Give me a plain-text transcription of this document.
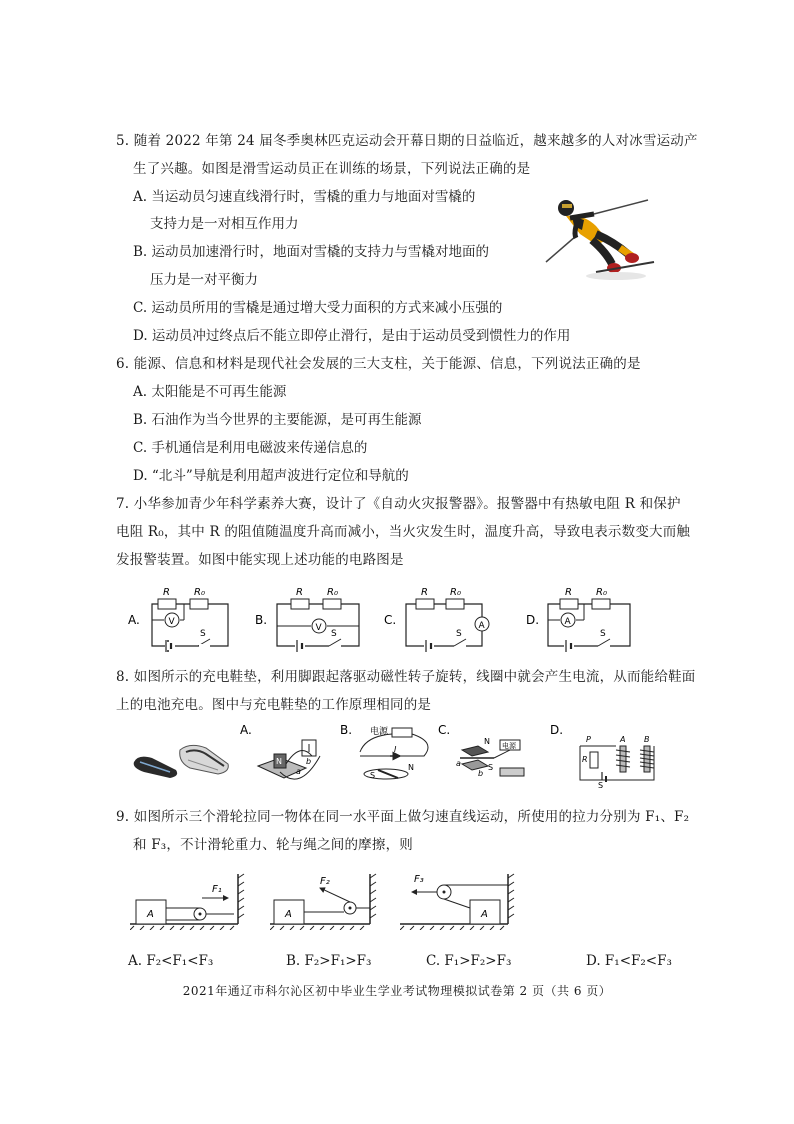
5. 随着 2022 年第 24 届冬季奥林匹克运动会开幕日期的日益临近，越来越多的人对冰雪运动产
生了兴趣。如图是滑雪运动员正在训练的场景，下列说法正确的是
A. 当运动员匀速直线滑行时，雪橇的重力与地面对雪橇的
支持力是一对相互作用力
B. 运动员加速滑行时，地面对雪橇的支持力与雪橇对地面的
压力是一对平衡力
C. 运动员所用的雪橇是通过增大受力面积的方式来减小压强的
D. 运动员冲过终点后不能立即停止滑行，是由于运动员受到惯性力的作用
6. 能源、信息和材料是现代社会发展的三大支柱，关于能源、信息，下列说法正确的是
A. 太阳能是不可再生能源
B. 石油作为当今世界的主要能源，是可再生能源
C. 手机通信是利用电磁波来传递信息的
D. “北斗”导航是利用超声波进行定位和导航的
7. 小华参加青少年科学素养大赛，设计了《自动火灾报警器》。报警器中有热敏电阻 R 和保护
电阻 R₀，其中 R 的阻值随温度升高而减小，当火灾发生时，温度升高，导致电表示数变大而触
发报警装置。如图中能实现上述功能的电路图是
A.
R R₀
V
S
B.
R R₀
V
S
C.
R R₀
A
S
D.
R R₀
A
S
8. 如图所示的充电鞋垫，利用脚跟起落驱动磁性转子旋转，线圈中就会产生电流，从而能给鞋面
上的电池充电。图中与充电鞋垫的工作原理相同的是
A.
N
a
b
B. 电源
I
S
N
C.
电源
N
S
a
b
D.
P
R
A B
S
9. 如图所示三个滑轮拉同一物体在同一水平面上做匀速直线运动，所使用的拉力分别为 F₁、F₂
和 F₃，不计滑轮重力、轮与绳之间的摩擦，则
A
F₁
A
F₂
A
F₃
A. F₂<F₁<F₃	B. F₂>F₁>F₃	C. F₁>F₂>F₃	D. F₁<F₂<F₃
2021年通辽市科尔沁区初中毕业生学业考试物理模拟试卷第 2 页（共 6 页）
